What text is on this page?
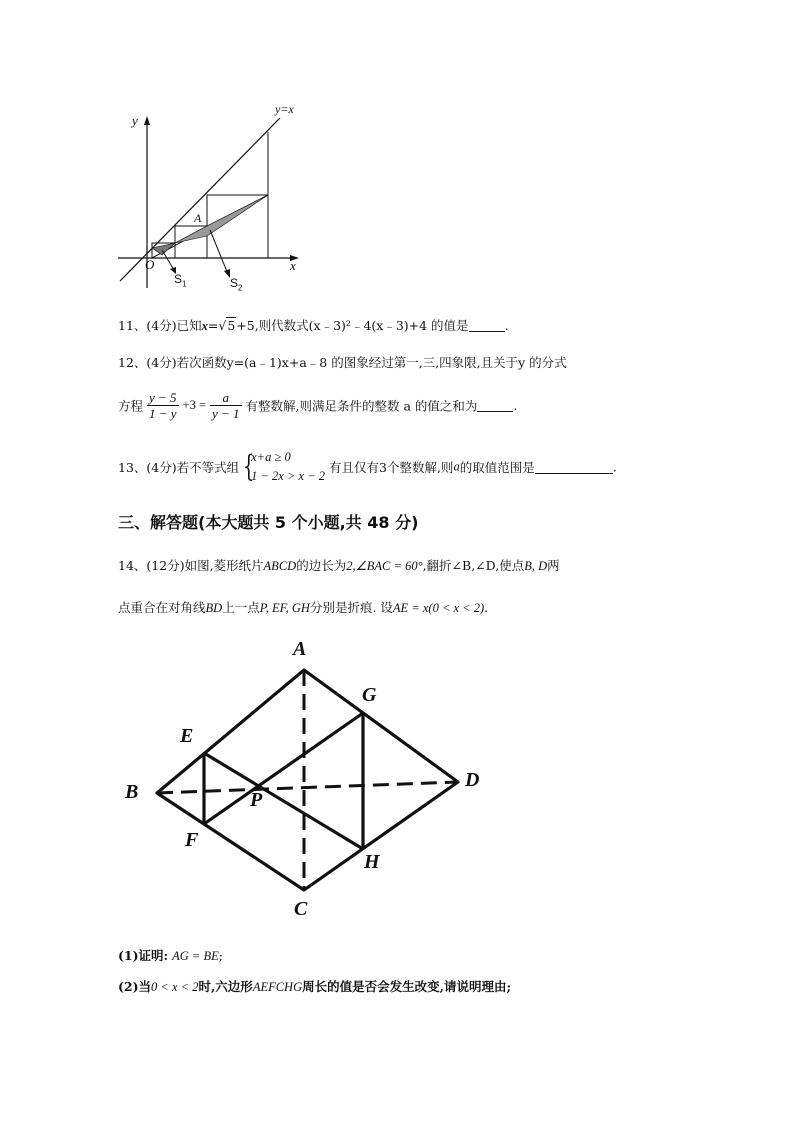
y
y=x
A
O	x
$S_1$	$S_2$
11、(4分)已知x=√5+5,则代数式(x﹣3)²﹣4(x﹣3)+4 的值是	.
12、(4分)若次函数y=(a﹣1)x+a﹣8 的图象经过第一,三,四象限,且关于y 的分式
方程 $\frac{y - 5}{1 - y} +3 = \frac{a}{y - 1}$ 有整数解,则满足条件的整数 a 的值之和为	.
13、(4分)若不等式组 {
x+a ≥ 0
1 − 2x > x − 2
有且仅有3个整数解,则a的取值范围是	.
三、解答题(本大题共 5 个小题,共 48 分)
14、(12分)如图,菱形纸片ABCD的边长为2,∠BAC = 60°,翻折∠B,∠D,使点B, D两
点重合在对角线BD上一点P, EF, GH分别是折痕. 设AE = x(0 < x < 2).
A
G
E
B	P
D
F
H
C
(1)证明: AG = BE;
(2)当0 < x < 2时,六边形AEFCHG周长的值是否会发生改变,请说明理由;
